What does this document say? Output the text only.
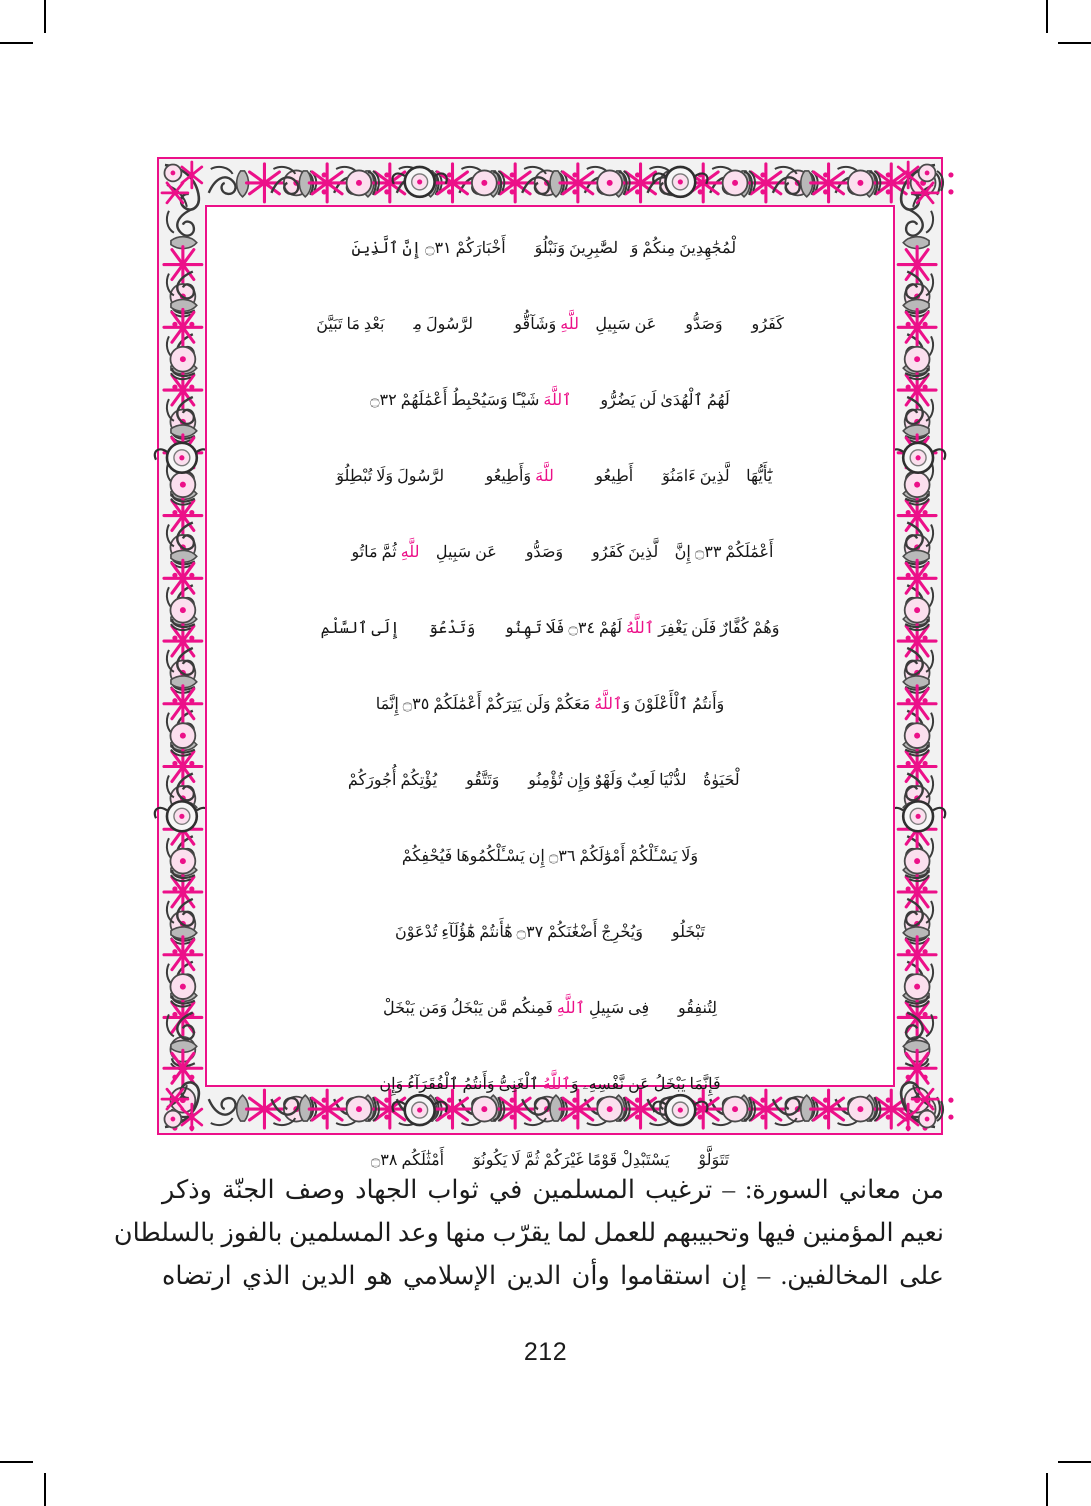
ٱلْمُجَٰهِدِينَ مِنكُمْ وَٱلصَّٰبِرِينَ وَنَبْلُوَا۟ أَخْبَارَكُمْ ۝٣١ إِنَّ ٱلَّذِينَ
كَفَرُوا۟ وَصَدُّوا۟ عَن سَبِيلِ ٱللَّهِ وَشَآقُّوا۟ ٱلرَّسُولَ مِنۢ بَعْدِ مَا تَبَيَّنَ
لَهُمُ ٱلْهُدَىٰ لَن يَضُرُّوا۟ ٱللَّهَ شَيْـًٔا وَسَيُحْبِطُ أَعْمَٰلَهُمْ ۝٣٢
۞ يَٰٓأَيُّهَا ٱلَّذِينَ ءَامَنُوٓا۟ أَطِيعُوا۟ ٱللَّهَ وَأَطِيعُوا۟ ٱلرَّسُولَ وَلَا تُبْطِلُوٓا۟
أَعْمَٰلَكُمْ ۝٣٣ إِنَّ ٱلَّذِينَ كَفَرُوا۟ وَصَدُّوا۟ عَن سَبِيلِ ٱللَّهِ ثُمَّ مَاتُوا۟
وَهُمْ كُفَّارٌ فَلَن يَغْفِرَ ٱللَّهُ لَهُمْ ۝٣٤ فَلَا تَهِنُوا۟ وَتَدْعُوٓا۟ إِلَى ٱلسَّلْمِ
وَأَنتُمُ ٱلْأَعْلَوْنَ وَٱللَّهُ مَعَكُمْ وَلَن يَتِرَكُمْ أَعْمَٰلَكُمْ ۝٣٥ إِنَّمَا
ٱلْحَيَوٰةُ ٱلدُّنْيَا لَعِبٌ وَلَهْوٌ وَإِن تُؤْمِنُوا۟ وَتَتَّقُوا۟ يُؤْتِكُمْ أُجُورَكُمْ
وَلَا يَسْـَٔلْكُمْ أَمْوَٰلَكُمْ ۝٣٦ إِن يَسْـَٔلْكُمُوهَا فَيُحْفِكُمْ
تَبْخَلُوا۟ وَيُخْرِجْ أَضْغَٰنَكُمْ ۝٣٧ هَٰٓأَنتُمْ هَٰٓؤُلَآءِ تُدْعَوْنَ
لِتُنفِقُوا۟ فِى سَبِيلِ ٱللَّهِ فَمِنكُم مَّن يَبْخَلُ وَمَن يَبْخَلْ
فَإِنَّمَا يَبْخَلُ عَن نَّفْسِهِۦ وَٱللَّهُ ٱلْغَنِىُّ وَأَنتُمُ ٱلْفُقَرَآءُ وَإِن
تَتَوَلَّوْا۟ يَسْتَبْدِلْ قَوْمًا غَيْرَكُمْ ثُمَّ لَا يَكُونُوٓا۟ أَمْثَٰلَكُم ۝٣٨
من معاني السورة: – ترغيب المسلمين في ثواب الجهاد وصف الجنّة وذكر
نعيم المؤمنين فيها وتحبيبهم للعمل لما يقرّب منها وعد المسلمين بالفوز بالسلطان
على المخالفين. – إن استقاموا وأن الدين الإسلامي هو الدين الذي ارتضاه
212
